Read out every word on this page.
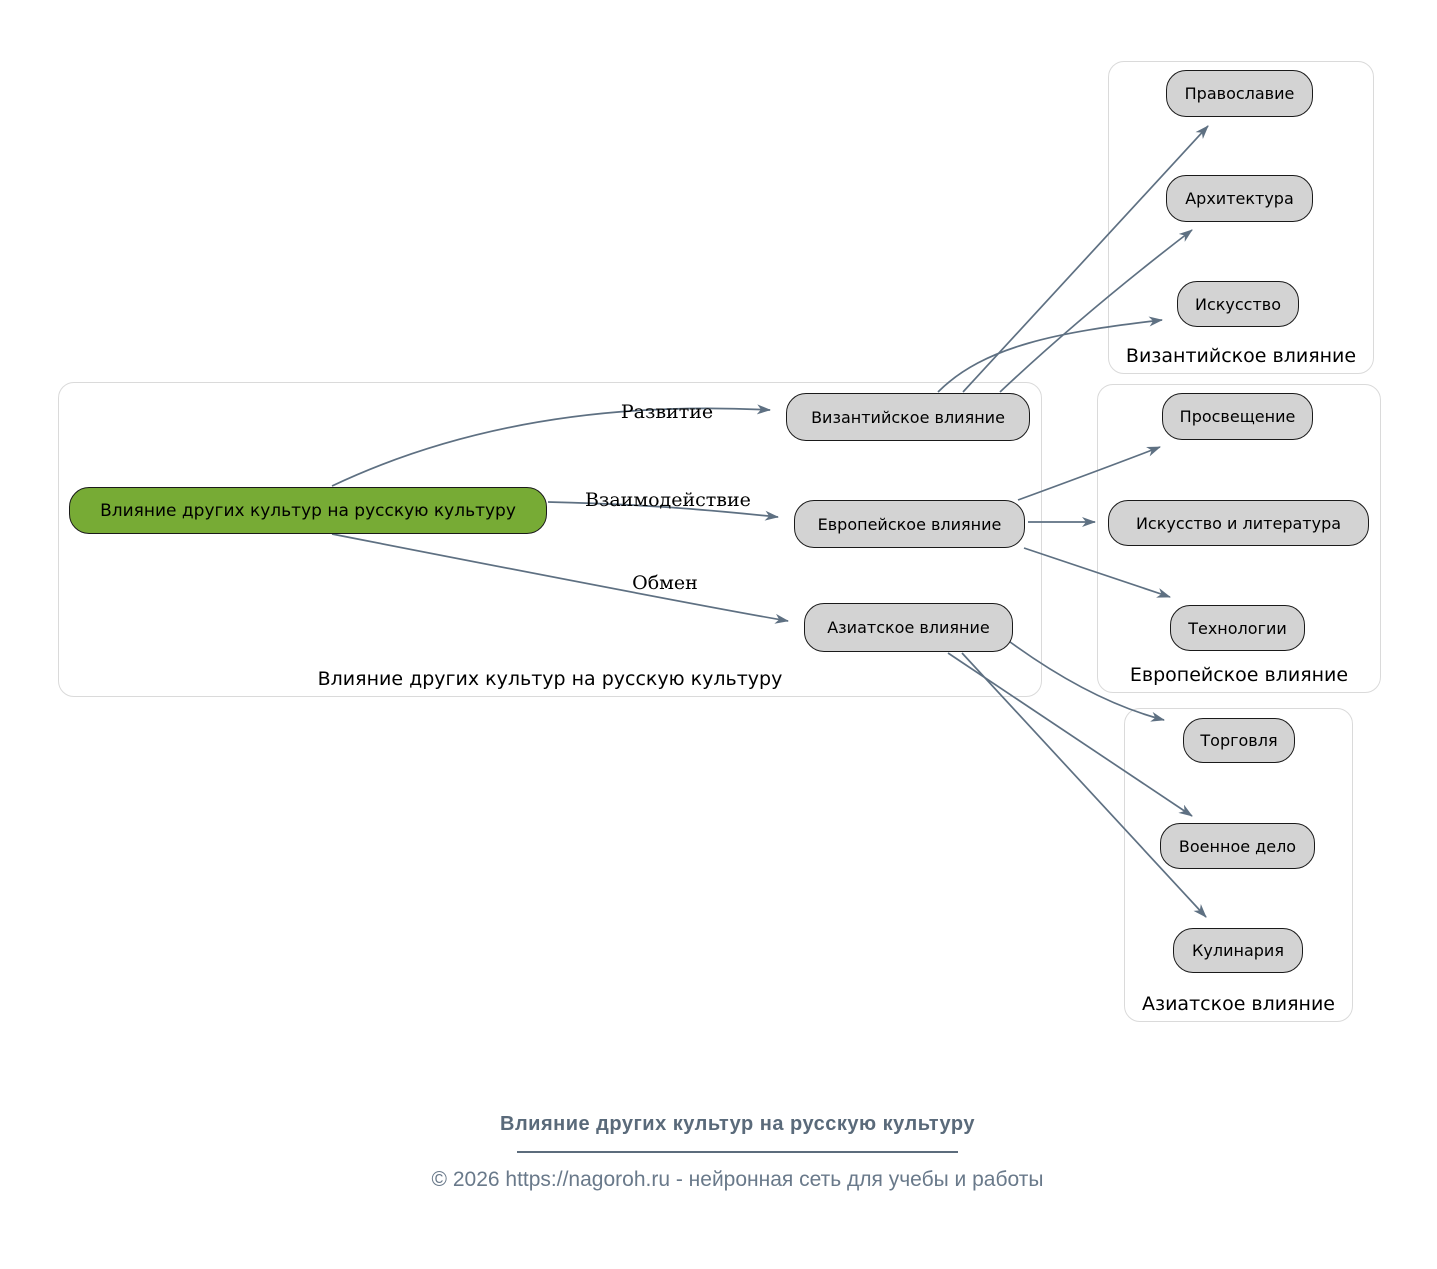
Влияние других культур на русскую культуру
Византийское влияние
Европейское влияние
Азиатское влияние
Влияние других культур на русскую культуру
Византийское влияние
Европейское влияние
Азиатское влияние
Православие
Архитектура
Искусство
Просвещение
Искусство и литература
Технологии
Торговля
Военное дело
Кулинария
Развитие
Взаимодействие
Обмен
Влияние других культур на русскую культуру
© 2026 https://nagoroh.ru - нейронная сеть для учебы и работы
